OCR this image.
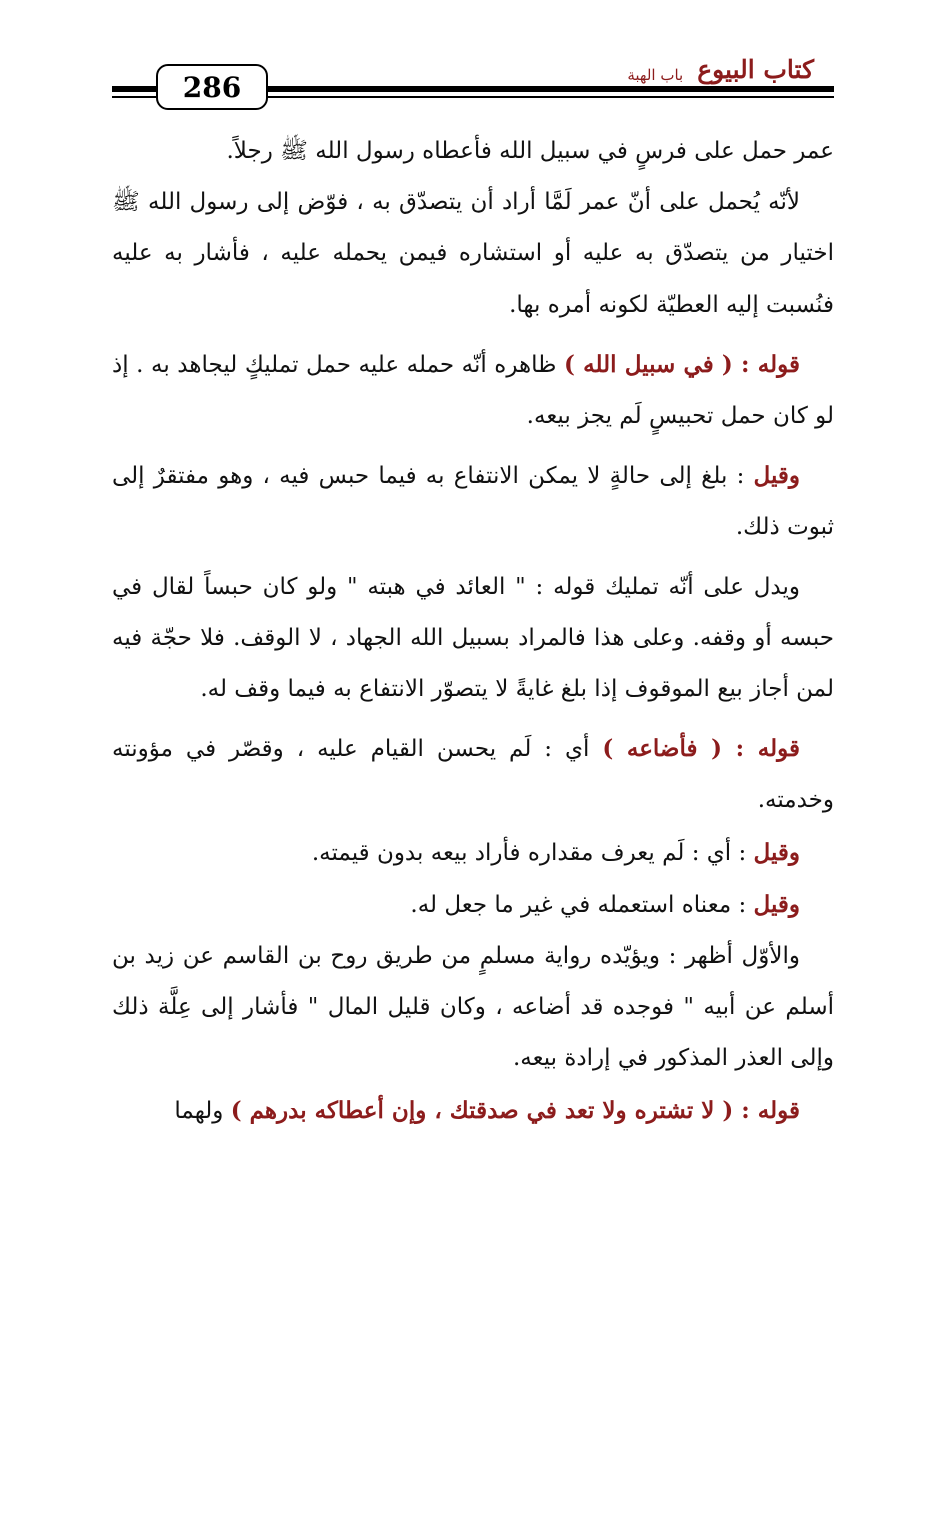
كتاب البيوع
باب الهبة
286

عمر حمل على فرسٍ في سبيل الله فأعطاه رسول الله ﷺ رجلاً.

لأنّه يُحمل على أنّ عمر لَمَّا أراد أن يتصدّق به ، فوّض إلى رسول الله ﷺ اختيار من يتصدّق به عليه أو استشاره فيمن يحمله عليه ، فأشار به عليه فنُسبت إليه العطيّة لكونه أمره بها.

قوله : ( في سبيل الله ) ظاهره أنّه حمله عليه حمل تمليكٍ ليجاهد به . إذ لو كان حمل تحبيسٍ لَم يجز بيعه.

وقيل : بلغ إلى حالةٍ لا يمكن الانتفاع به فيما حبس فيه ، وهو مفتقرٌ إلى ثبوت ذلك.

ويدل على أنّه تمليك قوله : " العائد في هبته " ولو كان حبساً لقال في حبسه أو وقفه. وعلى هذا فالمراد بسبيل الله الجهاد ، لا الوقف. فلا حجّة فيه لمن أجاز بيع الموقوف إذا بلغ غايةً لا يتصوّر الانتفاع به فيما وقف له.

قوله : ( فأضاعه ) أي : لَم يحسن القيام عليه ، وقصّر في مؤونته وخدمته.

وقيل : أي : لَم يعرف مقداره فأراد بيعه بدون قيمته.

وقيل : معناه استعمله في غير ما جعل له.

والأوّل أظهر : ويؤيّده رواية مسلمٍ من طريق روح بن القاسم عن زيد بن أسلم عن أبيه " فوجده قد أضاعه ، وكان قليل المال " فأشار إلى عِلَّة ذلك وإلى العذر المذكور في إرادة بيعه.

قوله : ( لا تشتره ولا تعد في صدقتك ، وإن أعطاكه بدرهم ) ولهما
